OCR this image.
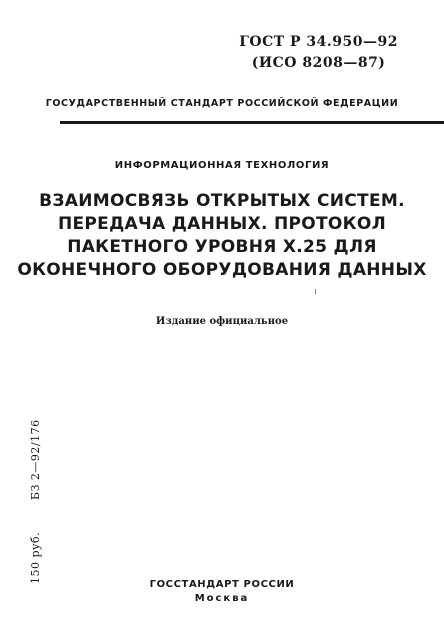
ГОСТ Р 34.950—92
(ИСО 8208—87)
ГОСУДАРСТВЕННЫЙ СТАНДАРТ РОССИЙСКОЙ ФЕДЕРАЦИИ
ИНФОРМАЦИОННАЯ ТЕХНОЛОГИЯ
ВЗАИМОСВЯЗЬ ОТКРЫТЫХ СИСТЕМ.
ПЕРЕДАЧА ДАННЫХ. ПРОТОКОЛ
ПАКЕТНОГО УРОВНЯ Х.25 ДЛЯ
ОКОНЕЧНОГО ОБОРУДОВАНИЯ ДАННЫХ
Издание официальное
БЗ 2—92/176
150 руб.
ГОССТАНДАРТ РОССИИ
Москва
